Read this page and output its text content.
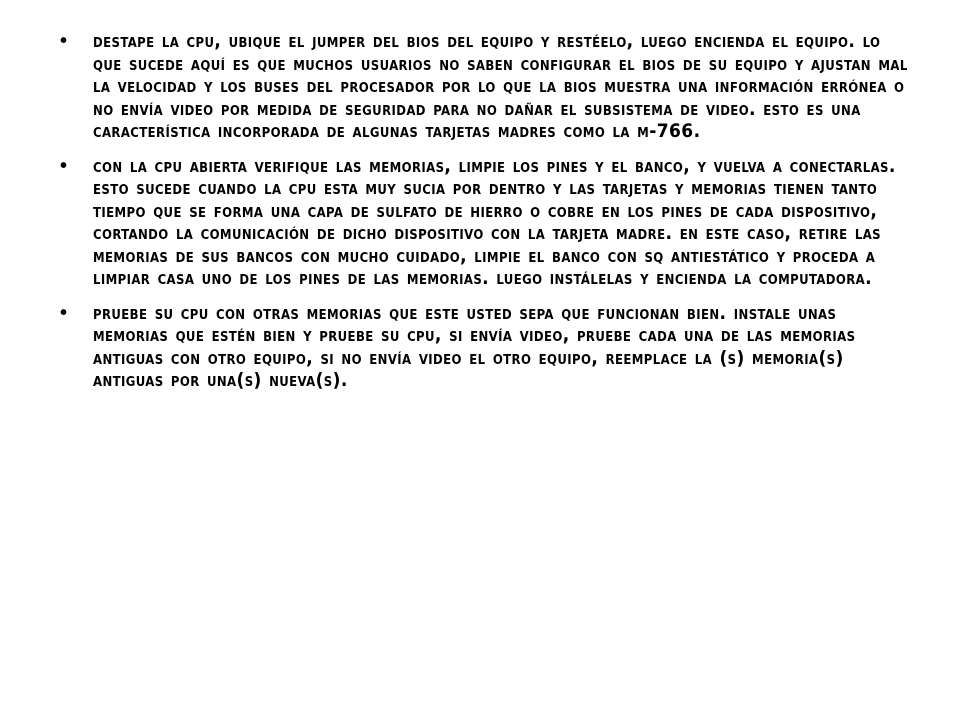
• destape la cpu, ubique el jumper del bios del equipo y restéelo, luego encienda el equipo. lo que sucede aquí es que muchos usuarios no saben configurar el bios de su equipo y ajustan mal la velocidad y los buses del procesador por lo que la bios muestra una información errónea o no envía video por medida de seguridad para no dañar el subsistema de video. esto es una característica incorporada de algunas tarjetas madres como la m-766.
• con la cpu abierta verifique las memorias, limpie los pines y el banco, y vuelva a conectarlas. esto sucede cuando la cpu esta muy sucia por dentro y las tarjetas y memorias tienen tanto tiempo que se forma una capa de sulfato de hierro o cobre en los pines de cada dispositivo, cortando la comunicación de dicho dispositivo con la tarjeta madre. en este caso, retire las memorias de sus bancos con mucho cuidado, limpie el banco con sq antiestático y proceda a limpiar casa uno de los pines de las memorias. luego instálelas y encienda la computadora.
• pruebe su cpu con otras memorias que este usted sepa que funcionan bien. instale unas memorias que estén bien y pruebe su cpu, si envía video, pruebe cada una de las memorias antiguas con otro equipo, si no envía video el otro equipo, reemplace la (s) memoria(s) antiguas por una(s) nueva(s).
